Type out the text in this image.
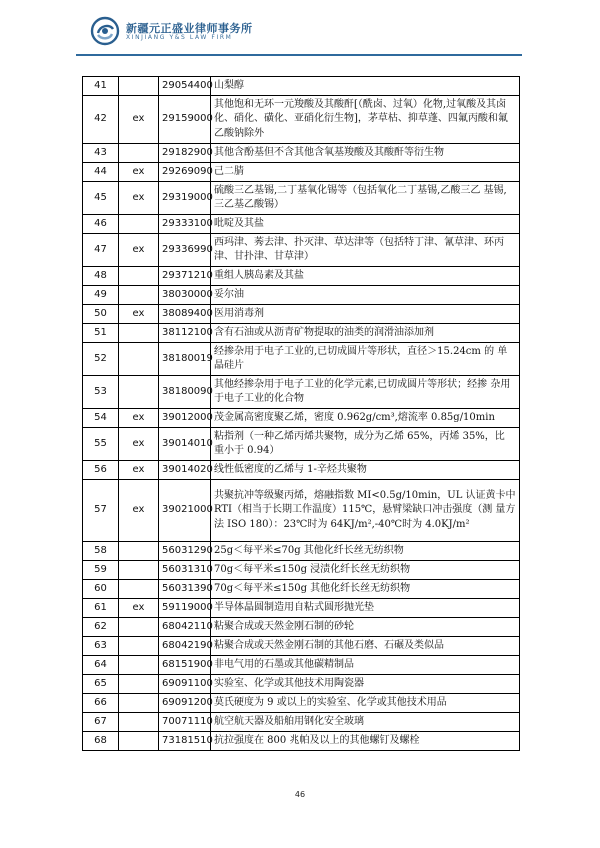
新疆元正盛业律师事务所
XINJIANG Y&S LAW FIRM
41		29054400	山梨醇
42	ex	29159000	其他饱和无环一元羧酸及其酸酐[（酰卤、过氧）化物,过氧酸及其卤化、硝化、磺化、亚硝化衍生物]，茅草枯、抑草蓬、四氟丙酸和氟乙酸钠除外
43		29182900	其他含酚基但不含其他含氧基羧酸及其酸酐等衍生物
44	ex	29269090	己二腈
45	ex	29319000	硫酸三乙基锡,二丁基氧化锡等（包括氧化二丁基锡,乙酸三乙 基锡,三乙基乙酸锡）
46		29333100	吡啶及其盐
47	ex	29336990	西玛津、莠去津、扑灭津、草达津等（包括特丁津、氰草津、环丙津、甘扑津、甘草津）
48		29371210	重组人胰岛素及其盐
49		38030000	妥尔油
50	ex	38089400	医用消毒剂
51		38112100	含有石油或从沥青矿物提取的油类的润滑油添加剂
52		38180019	经掺杂用于电子工业的,已切成圆片等形状，直径＞15.24cm 的 单晶硅片
53		38180090	其他经掺杂用于电子工业的化学元素,已切成圆片等形状；经掺 杂用于电子工业的化合物
54	ex	39012000	茂金属高密度聚乙烯，密度 0.962g/cm³,熔流率 0.85g/10min
55	ex	39014010	粘指剂（一种乙烯丙烯共聚物，成分为乙烯 65%，丙烯 35%，比 重小于 0.94）
56	ex	39014020	线性低密度的乙烯与 1-辛烃共聚物
57	ex	39021000	共聚抗冲等级聚丙烯，熔融指数 MI<0.5g/10min，UL 认证黄卡中 RTI（相当于长期工作温度）115℃，悬臂梁缺口冲击强度（测 量方法 ISO 180）：23℃时为 64KJ/m²,-40℃时为 4.0KJ/m²
58		56031290	25g＜每平米≤70g 其他化纤长丝无纺织物
59		56031310	70g＜每平米≤150g 浸渍化纤长丝无纺织物
60		56031390	70g＜每平米≤150g 其他化纤长丝无纺织物
61	ex	59119000	半导体晶圆制造用自粘式圆形抛光垫
62		68042110	粘聚合成或天然金刚石制的砂轮
63		68042190	粘聚合成或天然金刚石制的其他石磨、石碾及类似品
64		68151900	非电气用的石墨或其他碳精制品
65		69091100	实验室、化学或其他技术用陶瓷器
66		69091200	莫氏硬度为 9 或以上的实验室、化学或其他技术用品
67		70071110	航空航天器及船舶用钢化安全玻璃
68		73181510	抗拉强度在 800 兆帕及以上的其他螺钉及螺栓
46
